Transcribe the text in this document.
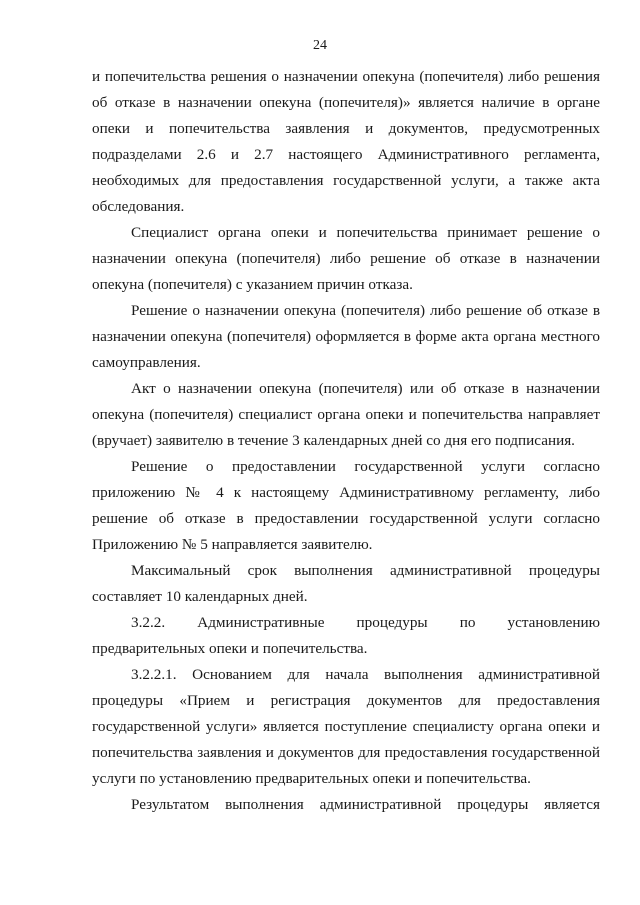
24

и попечительства решения о назначении опекуна (попечителя) либо решения об отказе в назначении опекуна (попечителя)» является наличие в органе опеки и попечительства заявления и документов, предусмотренных подразделами 2.6 и 2.7 настоящего Административного регламента, необходимых для предоставления государственной услуги, а также акта обследования.

Специалист органа опеки и попечительства принимает решение о назначении опекуна (попечителя) либо решение об отказе в назначении опекуна (попечителя) с указанием причин отказа.

Решение о назначении опекуна (попечителя) либо решение об отказе в назначении опекуна (попечителя) оформляется в форме акта органа местного самоуправления.

Акт о назначении опекуна (попечителя) или об отказе в назначении опекуна (попечителя) специалист органа опеки и попечительства направляет (вручает) заявителю в течение 3 календарных дней со дня его подписания.

Решение о предоставлении государственной услуги согласно приложению № 4 к настоящему Административному регламенту, либо решение об отказе в предоставлении государственной услуги согласно Приложению № 5 направляется заявителю.

Максимальный срок выполнения административной процедуры составляет 10 календарных дней.

3.2.2. Административные процедуры по установлению предварительных опеки и попечительства.

3.2.2.1. Основанием для начала выполнения административной процедуры «Прием и регистрация документов для предоставления государственной услуги» является поступление специалисту органа опеки и попечительства заявления и документов для предоставления государственной услуги по установлению предварительных опеки и попечительства.

Результатом выполнения административной процедуры является
